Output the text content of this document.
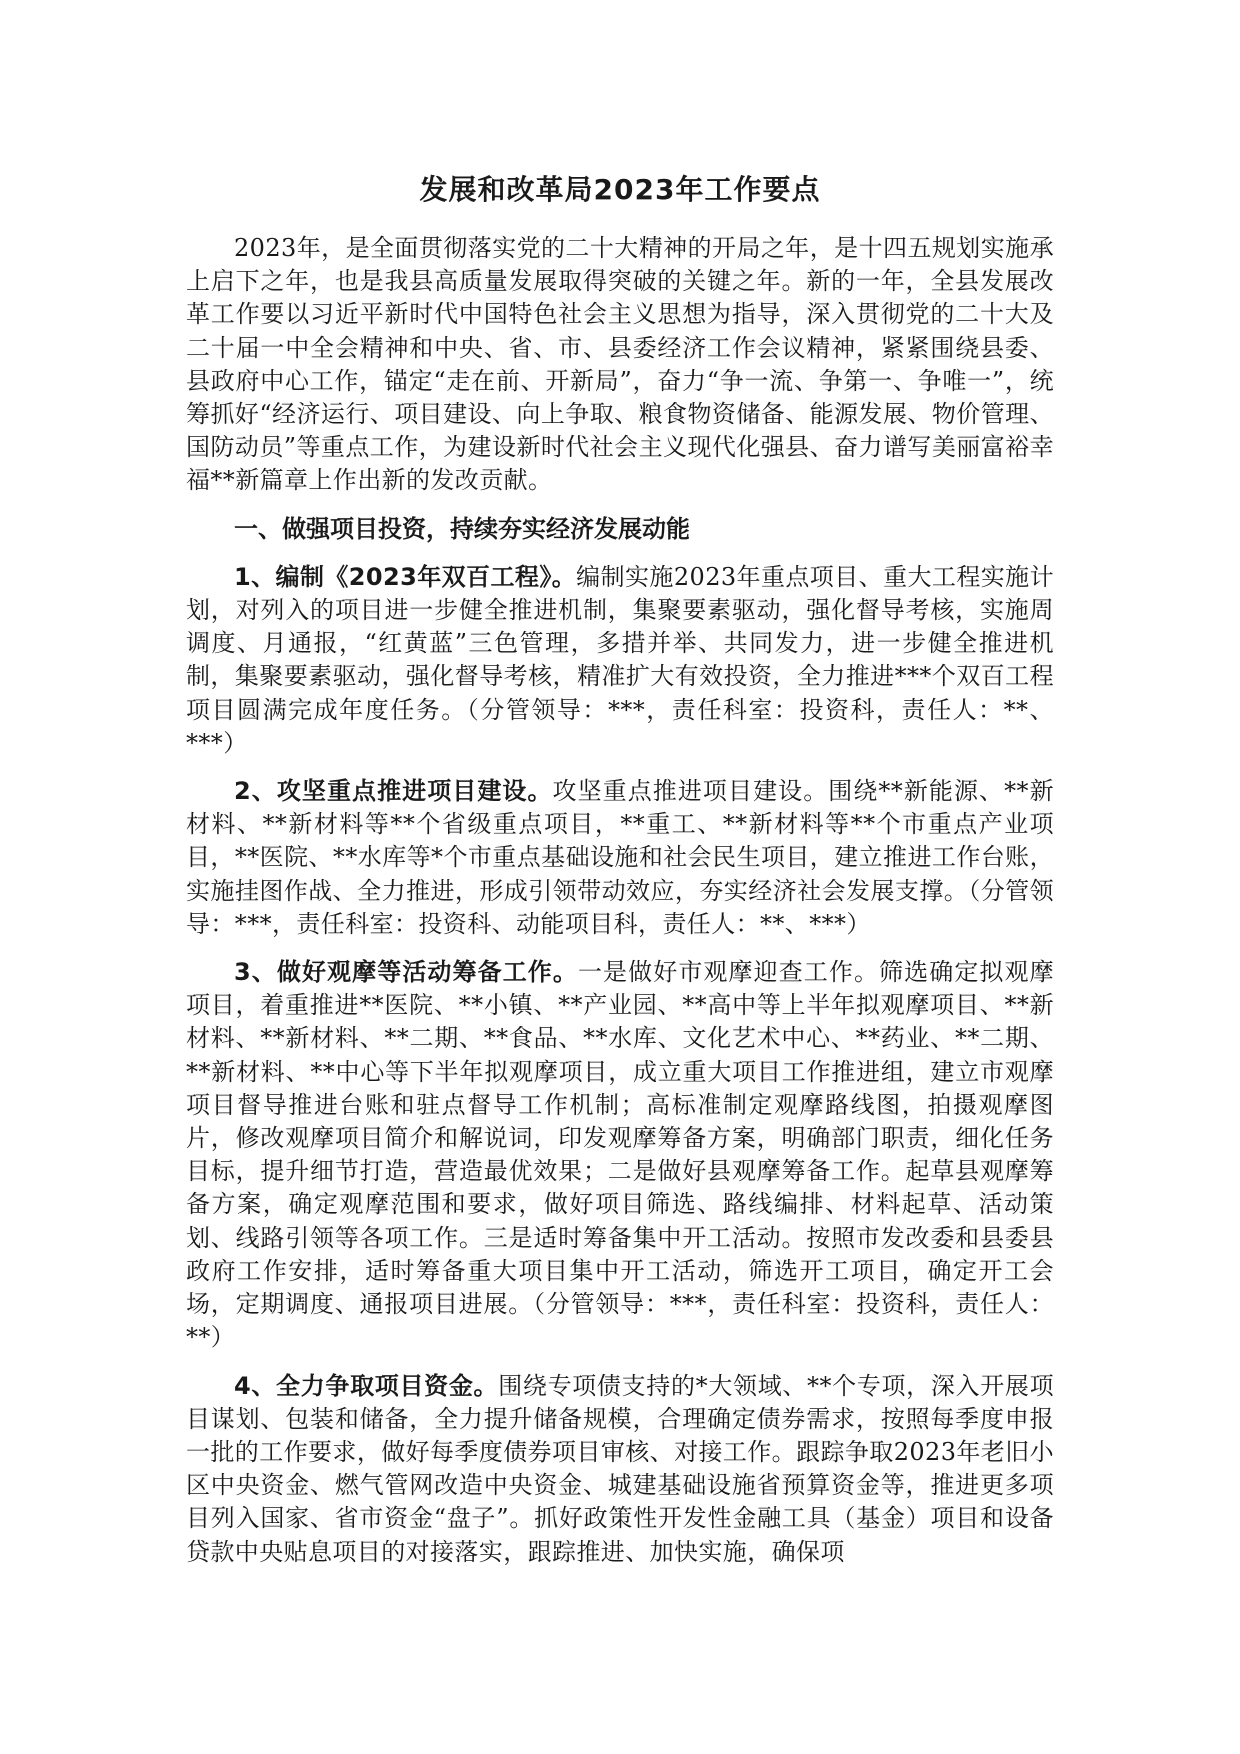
发展和改革局2023年工作要点

2023年，是全面贯彻落实党的二十大精神的开局之年，是十四五规划实施承上启下之年，也是我县高质量发展取得突破的关键之年。新的一年，全县发展改革工作要以习近平新时代中国特色社会主义思想为指导，深入贯彻党的二十大及二十届一中全会精神和中央、省、市、县委经济工作会议精神，紧紧围绕县委、县政府中心工作，锚定“走在前、开新局”，奋力“争一流、争第一、争唯一”，统筹抓好“经济运行、项目建设、向上争取、粮食物资储备、能源发展、物价管理、国防动员”等重点工作，为建设新时代社会主义现代化强县、奋力谱写美丽富裕幸福**新篇章上作出新的发改贡献。

一、做强项目投资，持续夯实经济发展动能

1、编制《2023年双百工程》。编制实施2023年重点项目、重大工程实施计划，对列入的项目进一步健全推进机制，集聚要素驱动，强化督导考核，实施周调度、月通报，“红黄蓝”三色管理，多措并举、共同发力，进一步健全推进机制，集聚要素驱动，强化督导考核，精准扩大有效投资，全力推进***个双百工程项目圆满完成年度任务。（分管领导：***，责任科室：投资科，责任人：**、***）

2、攻坚重点推进项目建设。攻坚重点推进项目建设。围绕**新能源、**新材料、**新材料等**个省级重点项目，**重工、**新材料等**个市重点产业项目，**医院、**水库等*个市重点基础设施和社会民生项目，建立推进工作台账，实施挂图作战、全力推进，形成引领带动效应，夯实经济社会发展支撑。（分管领导：***，责任科室：投资科、动能项目科，责任人：**、***）

3、做好观摩等活动筹备工作。一是做好市观摩迎查工作。筛选确定拟观摩项目，着重推进**医院、**小镇、**产业园、**高中等上半年拟观摩项目、**新材料、**新材料、**二期、**食品、**水库、文化艺术中心、**药业、**二期、**新材料、**中心等下半年拟观摩项目，成立重大项目工作推进组，建立市观摩项目督导推进台账和驻点督导工作机制；高标准制定观摩路线图，拍摄观摩图片，修改观摩项目简介和解说词，印发观摩筹备方案，明确部门职责，细化任务目标，提升细节打造，营造最优效果；二是做好县观摩筹备工作。起草县观摩筹备方案，确定观摩范围和要求，做好项目筛选、路线编排、材料起草、活动策划、线路引领等各项工作。三是适时筹备集中开工活动。按照市发改委和县委县政府工作安排，适时筹备重大项目集中开工活动，筛选开工项目，确定开工会场，定期调度、通报项目进展。（分管领导：***，责任科室：投资科，责任人：**）

4、全力争取项目资金。围绕专项债支持的*大领域、**个专项，深入开展项目谋划、包装和储备，全力提升储备规模，合理确定债券需求，按照每季度申报一批的工作要求，做好每季度债券项目审核、对接工作。跟踪争取2023年老旧小区中央资金、燃气管网改造中央资金、城建基础设施省预算资金等，推进更多项目列入国家、省市资金“盘子”。抓好政策性开发性金融工具（基金）项目和设备贷款中央贴息项目的对接落实，跟踪推进、加快实施，确保项
